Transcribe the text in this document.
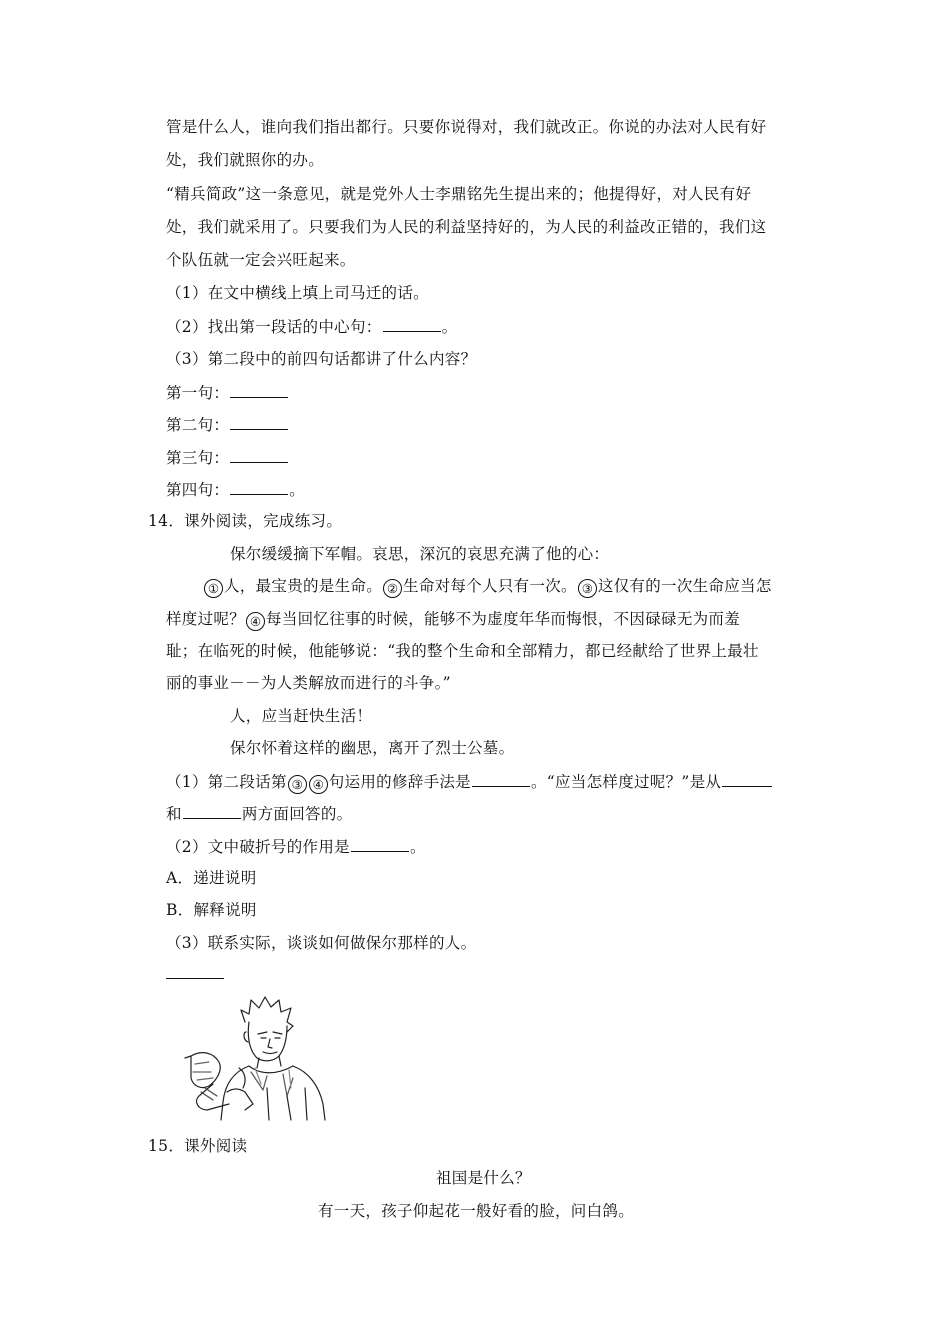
管是什么人，谁向我们指出都行。只要你说得对，我们就改正。你说的办法对人民有好
处，我们就照你的办。
“精兵简政”这一条意见，就是党外人士李鼎铭先生提出来的；他提得好，对人民有好
处，我们就采用了。只要我们为人民的利益坚持好的，为人民的利益改正错的，我们这
个队伍就一定会兴旺起来。
（1）在文中横线上填上司马迁的话。
（2）找出第一段话的中心句：	。
（3）第二段中的前四句话都讲了什么内容？
第一句：
第二句：
第三句：
第四句：	。
14．课外阅读，完成练习。
保尔缓缓摘下军帽。哀思，深沉的哀思充满了他的心：
① 人，最宝贵的是生命。 ② 生命对每个人只有一次。 ③ 这仅有的一次生命应当怎
样度过呢？ ④ 每当回忆往事的时候，能够不为虚度年华而悔恨，不因碌碌无为而羞
耻；在临死的时候，他能够说：“我的整个生命和全部精力，都已经献给了世界上最壮
丽的事业－－为人类解放而进行的斗争。”
人，应当赶快生活！
保尔怀着这样的幽思，离开了烈士公墓。
（1）第二段话第 ③ ④ 句运用的修辞手法是	。“应当怎样度过呢？”是从
和	两方面回答的。
（2）文中破折号的作用是	。
A．递进说明
B．解释说明
（3）联系实际，谈谈如何做保尔那样的人。
15．课外阅读
祖国是什么？
有一天，孩子仰起花一般好看的脸，问白鸽。
